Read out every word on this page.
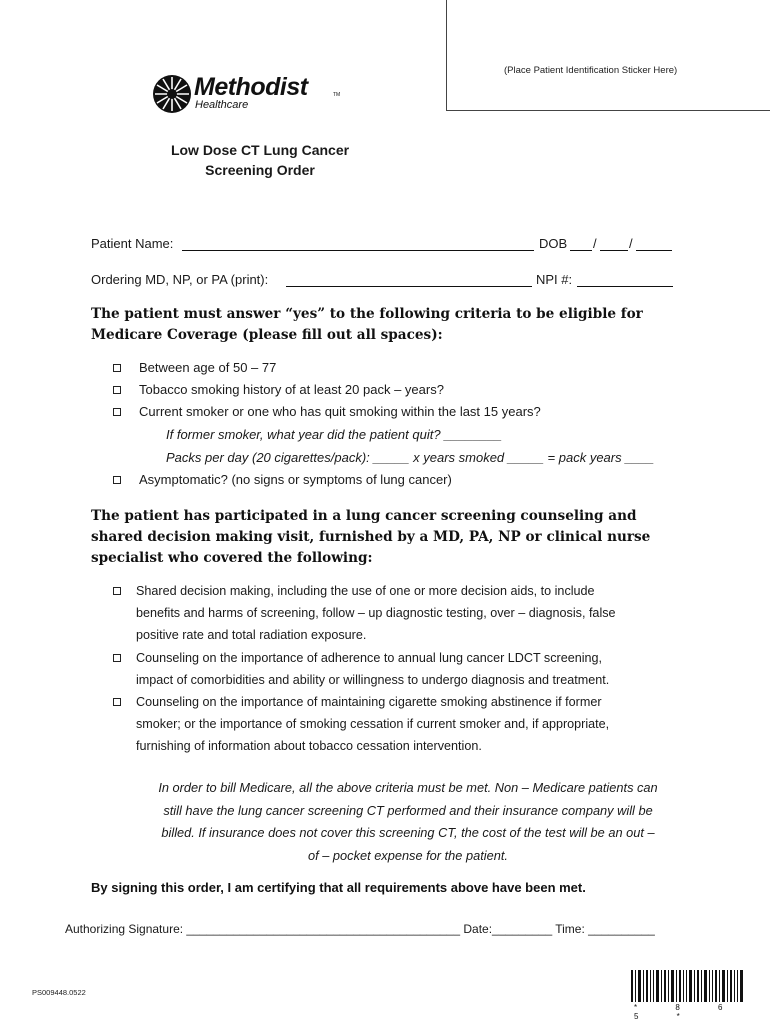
(Place Patient Identification Sticker Here)
Methodist	TM
Healthcare
Low Dose CT Lung Cancer
Screening Order
Patient Name:	DOB / /
Ordering MD, NP, or PA (print):	NPI #:
The patient must answer “yes” to the following criteria to be eligible for Medicare Coverage (please fill out all spaces):
Between age of 50 – 77
Tobacco smoking history of at least 20 pack – years?
Current smoker or one who has quit smoking within the last 15 years?
If former smoker, what year did the patient quit? ________
Packs per day (20 cigarettes/pack): _____ x years smoked _____ = pack years ____
Asymptomatic? (no signs or symptoms of lung cancer)
The patient has participated in a lung cancer screening counseling and shared decision making visit, furnished by a MD, PA, NP or clinical nurse specialist who covered the following:
Shared decision making, including the use of one or more decision aids, to include
benefits and harms of screening, follow – up diagnostic testing, over – diagnosis, false
positive rate and total radiation exposure.
Counseling on the importance of adherence to annual lung cancer LDCT screening,
impact of comorbidities and ability or willingness to undergo diagnosis and treatment.
Counseling on the importance of maintaining cigarette smoking abstinence if former
smoker; or the importance of smoking cessation if current smoker and, if appropriate,
furnishing of information about tobacco cessation intervention.
In order to bill Medicare, all the above criteria must be met. Non – Medicare patients can
still have the lung cancer screening CT performed and their insurance company will be
billed. If insurance does not cover this screening CT, the cost of the test will be an out –
of – pocket expense for the patient.
By signing this order, I am certifying that all requirements above have been met.
Authorizing Signature: _________________________________________ Date:_________ Time: __________
PS009448.0522
* 8 6 5 *
